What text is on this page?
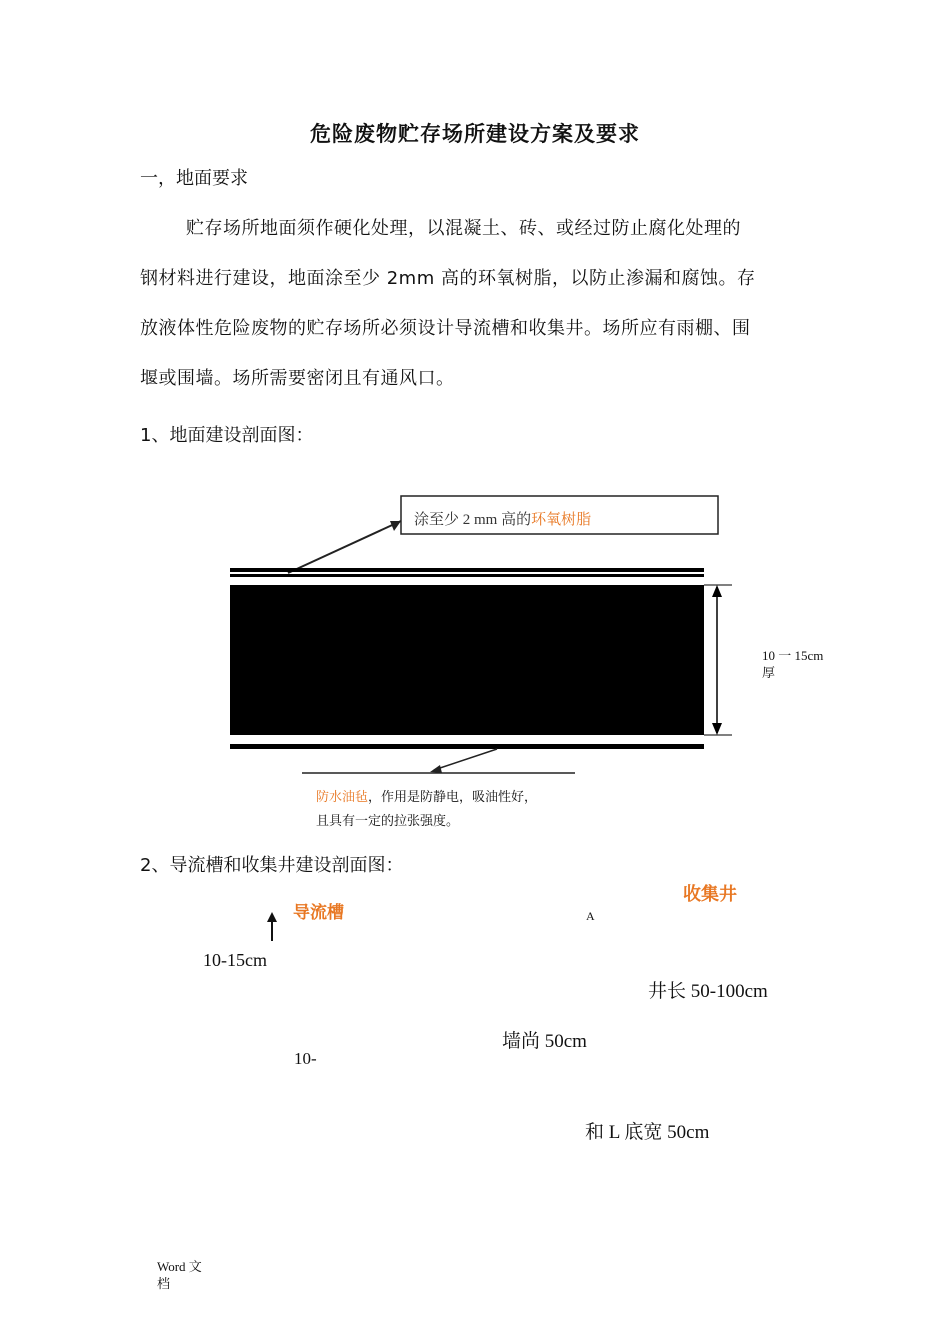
危险废物贮存场所建设方案及要求
一，地面要求
贮存场所地面须作硬化处理，以混凝土、砖、或经过防止腐化处理的
钢材料进行建设，地面涂至少 2mm 高的环氧树脂，以防止渗漏和腐蚀。存
放液体性危险废物的贮存场所必须设计导流槽和收集井。场所应有雨棚、围
堰或围墙。场所需要密闭且有通风口。
1、地面建设剖面图：
涂至少 2 mm 高的环氧树脂
10 一 15cm
厚
防水油毡，作用是防静电，吸油性好，
且具有一定的拉张强度。
2、导流槽和收集井建设剖面图：
导流槽
收集井
A
10-15cm
井长 50-100cm
墙尚 50cm
10-
和 L 底宽 50cm
Word 文
档
